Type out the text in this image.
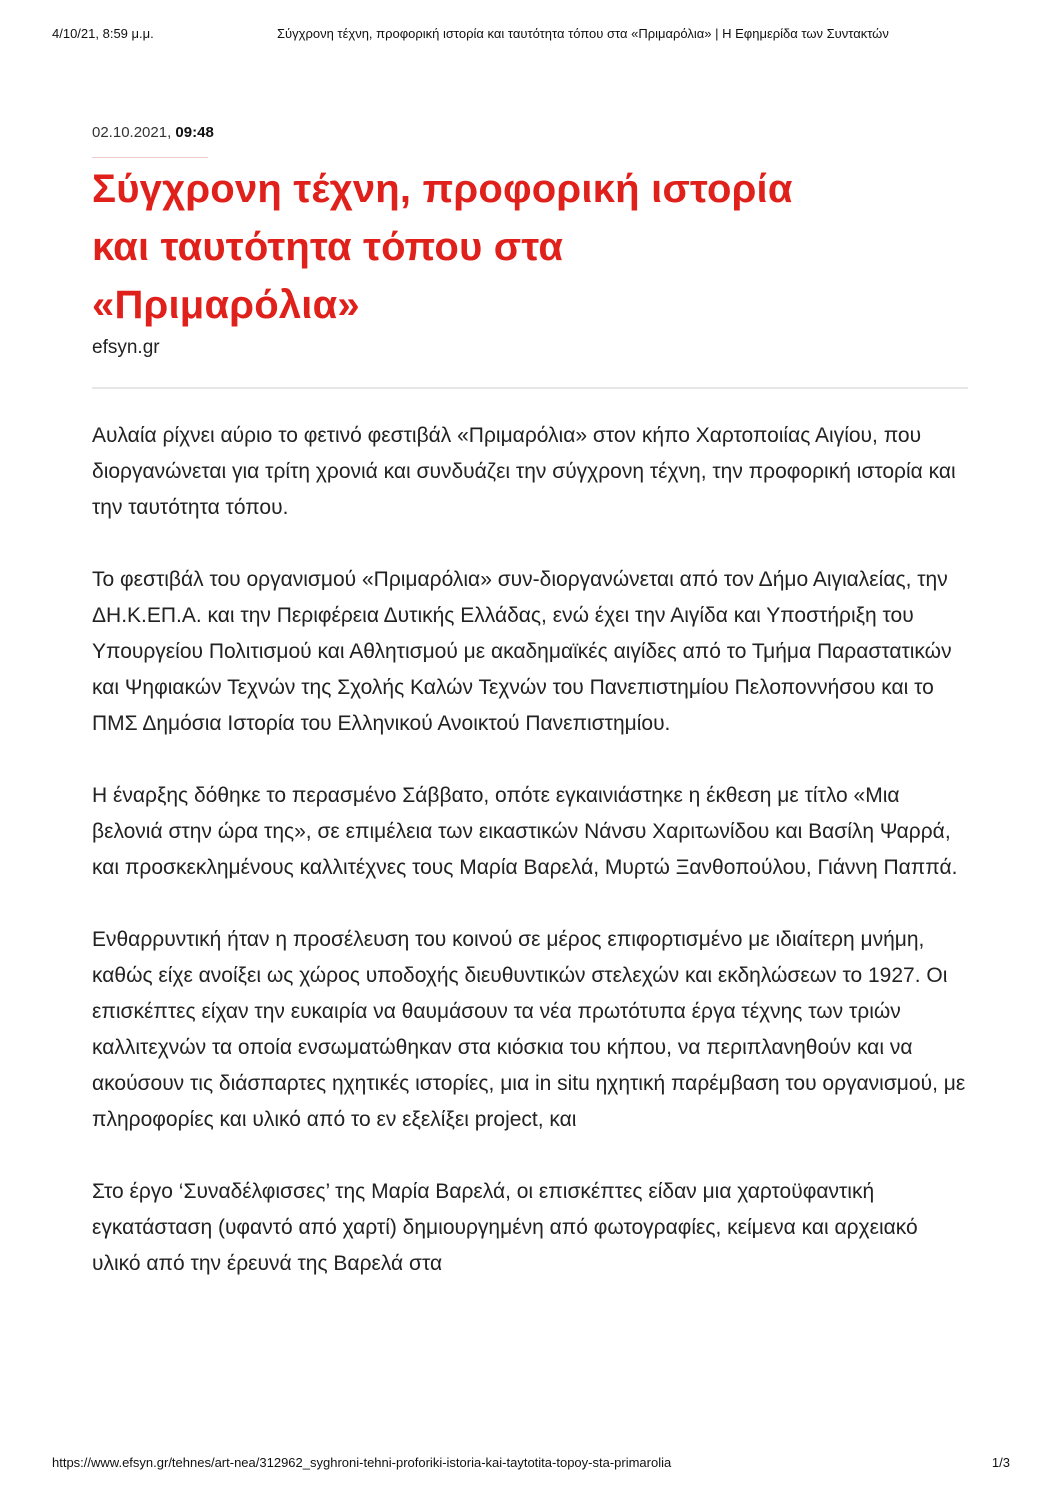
4/10/21, 8:59 μ.μ.	Σύγχρονη τέχνη, προφορική ιστορία και ταυτότητα τόπου στα «Πριμαρόλια» | Η Εφημερίδα των Συντακτών
02.10.2021, 09:48
Σύγχρονη τέχνη, προφορική ιστορία και ταυτότητα τόπου στα «Πριμαρόλια»
efsyn.gr

Αυλαία ρίχνει αύριο το φετινό φεστιβάλ «Πριμαρόλια» στον κήπο Χαρτοποιίας Αιγίου, που διοργανώνεται για τρίτη χρονιά και συνδυάζει την σύγχρονη τέχνη, την προφορική ιστορία και την ταυτότητα τόπου.

Το φεστιβάλ του οργανισμού «Πριμαρόλια» συν-διοργανώνεται από τον Δήμο Αιγιαλείας, την ΔΗ.Κ.ΕΠ.Α. και την Περιφέρεια Δυτικής Ελλάδας, ενώ έχει την Αιγίδα και Υποστήριξη του Υπουργείου Πολιτισμού και Αθλητισμού με ακαδημαϊκές αιγίδες από το Τμήμα Παραστατικών και Ψηφιακών Τεχνών της Σχολής Καλών Τεχνών του Πανεπιστημίου Πελοποννήσου και το ΠΜΣ Δημόσια Ιστορία του Ελληνικού Ανοικτού Πανεπιστημίου.

Η έναρξης δόθηκε το περασμένο Σάββατο, οπότε εγκαινιάστηκε η έκθεση με τίτλο «Μια βελονιά στην ώρα της», σε επιμέλεια των εικαστικών Νάνσυ Χαριτωνίδου και Βασίλη Ψαρρά, και προσκεκλημένους καλλιτέχνες τους Μαρία Βαρελά, Μυρτώ Ξανθοπούλου, Γιάννη Παππά.

Ενθαρρυντική ήταν η προσέλευση του κοινού σε μέρος επιφορτισμένο με ιδιαίτερη μνήμη, καθώς είχε ανοίξει ως χώρος υποδοχής διευθυντικών στελεχών και εκδηλώσεων το 1927. Οι επισκέπτες είχαν την ευκαιρία να θαυμάσουν τα νέα πρωτότυπα έργα τέχνης των τριών καλλιτεχνών τα οποία ενσωματώθηκαν στα κιόσκια του κήπου, να περιπλανηθούν και να ακούσουν τις διάσπαρτες ηχητικές ιστορίες, μια in situ ηχητική παρέμβαση του οργανισμού, με πληροφορίες και υλικό από το εν εξελίξει project, και

Στο έργο ‘Συναδέλφισσες’ της Μαρία Βαρελά, οι επισκέπτες είδαν μια χαρτοϋφαντική εγκατάσταση (υφαντό από χαρτί) δημιουργημένη από φωτογραφίες, κείμενα και αρχειακό υλικό από την έρευνά της Βαρελά στα

https://www.efsyn.gr/tehnes/art-nea/312962_syghroni-tehni-proforiki-istoria-kai-taytotita-topoy-sta-primarolia	1/3
